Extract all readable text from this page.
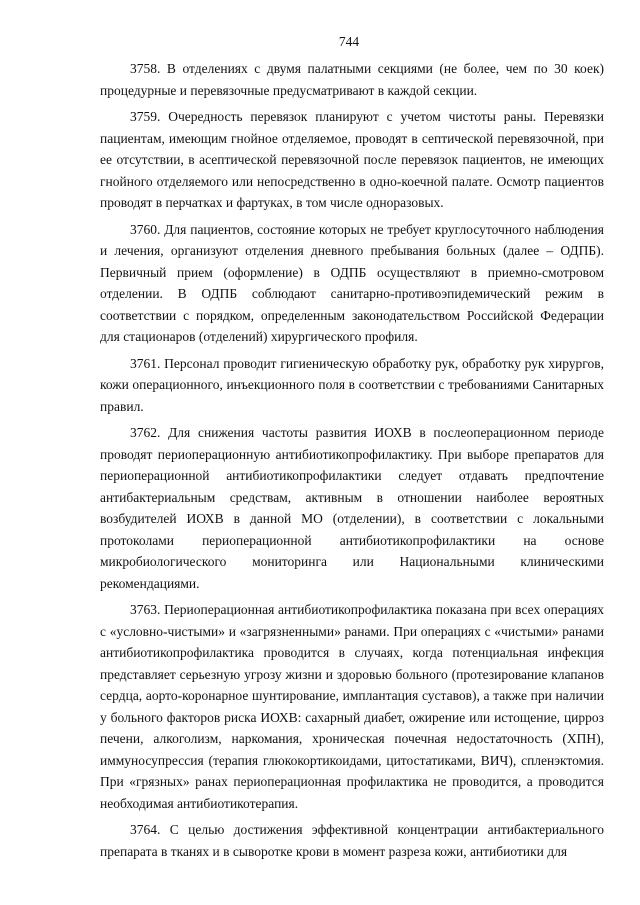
744

3758. В отделениях с двумя палатными секциями (не более, чем по 30 коек) процедурные и перевязочные предусматривают в каждой секции.

3759. Очередность перевязок планируют с учетом чистоты раны. Перевязки пациентам, имеющим гнойное отделяемое, проводят в септической перевязочной, при ее отсутствии, в асептической перевязочной после перевязок пациентов, не имеющих гнойного отделяемого или непосредственно в одно-коечной палате. Осмотр пациентов проводят в перчатках и фартуках, в том числе одноразовых.

3760. Для пациентов, состояние которых не требует круглосуточного наблюдения и лечения, организуют отделения дневного пребывания больных (далее – ОДПБ). Первичный прием (оформление) в ОДПБ осуществляют в приемно-смотровом отделении. В ОДПБ соблюдают санитарно-противоэпидемический режим в соответствии с порядком, определенным законодательством Российской Федерации для стационаров (отделений) хирургического профиля.

3761. Персонал проводит гигиеническую обработку рук, обработку рук хирургов, кожи операционного, инъекционного поля в соответствии с требованиями Санитарных правил.

3762. Для снижения частоты развития ИОХВ в послеоперационном периоде проводят периоперационную антибиотикопрофилактику. При выборе препаратов для периоперационной антибиотикопрофилактики следует отдавать предпочтение антибактериальным средствам, активным в отношении наиболее вероятных возбудителей ИОХВ в данной МО (отделении), в соответствии с локальными протоколами периоперационной антибиотикопрофилактики на основе микробиологического мониторинга или Национальными клиническими рекомендациями.

3763. Периоперационная антибиотикопрофилактика показана при всех операциях с «условно-чистыми» и «загрязненными» ранами. При операциях с «чистыми» ранами антибиотикопрофилактика проводится в случаях, когда потенциальная инфекция представляет серьезную угрозу жизни и здоровью больного (протезирование клапанов сердца, аорто-коронарное шунтирование, имплантация суставов), а также при наличии у больного факторов риска ИОХВ: сахарный диабет, ожирение или истощение, цирроз печени, алкоголизм, наркомания, хроническая почечная недостаточность (ХПН), иммуносупрессия (терапия глюкокортикоидами, цитостатиками, ВИЧ), спленэктомия. При «грязных» ранах периоперационная профилактика не проводится, а проводится необходимая антибиотикотерапия.

3764. С целью достижения эффективной концентрации антибактериального препарата в тканях и в сыворотке крови в момент разреза кожи, антибиотики для
